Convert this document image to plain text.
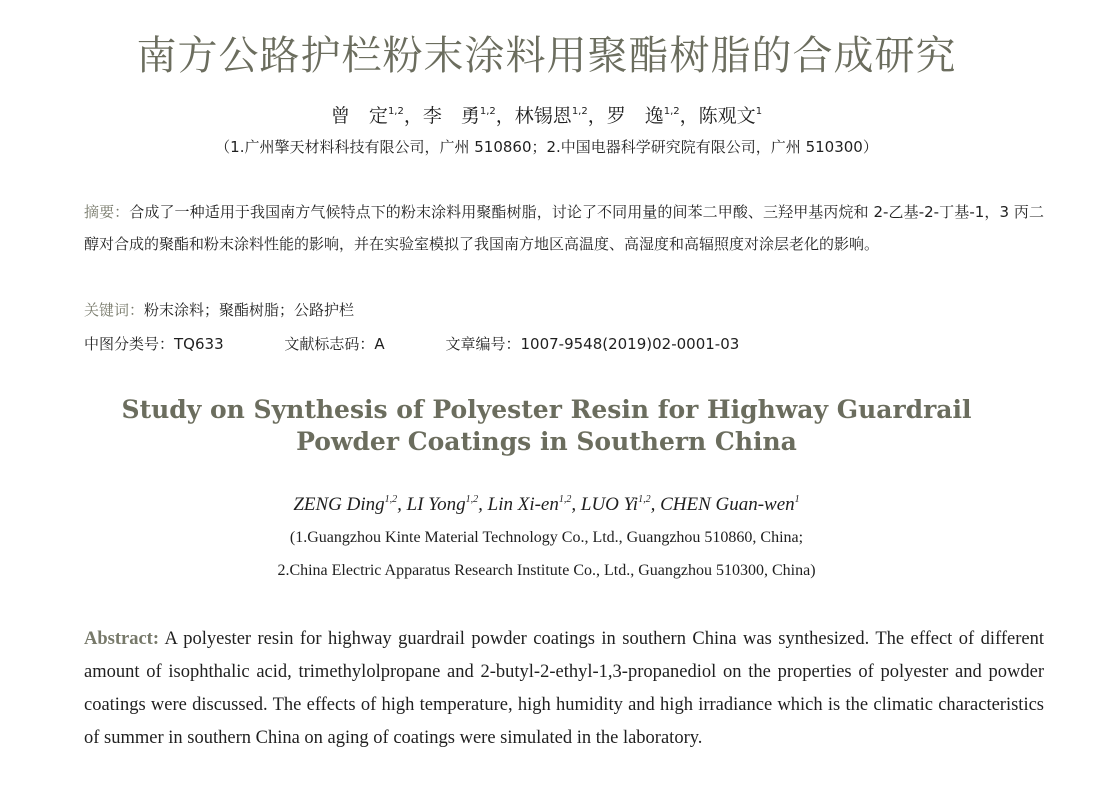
南方公路护栏粉末涂料用聚酯树脂的合成研究
曾　定$^{1,2}$，李　勇$^{1,2}$，林锡恩$^{1,2}$，罗　逸$^{1,2}$，陈观文$^1$
（1.广州擎天材料科技有限公司，广州 510860；2.中国电器科学研究院有限公司，广州 510300）
摘要：合成了一种适用于我国南方气候特点下的粉末涂料用聚酯树脂，讨论了不同用量的间苯二甲酸、三羟甲基丙烷和 2-乙基-2-丁基-1，3 丙二醇对合成的聚酯和粉末涂料性能的影响，并在实验室模拟了我国南方地区高温度、高湿度和高辐照度对涂层老化的影响。
关键词：粉末涂料；聚酯树脂；公路护栏
中图分类号：TQ633	文献标志码：A	文章编号：1007-9548(2019)02-0001-03
Study on Synthesis of Polyester Resin for Highway Guardrail Powder Coatings in Southern China
ZENG Ding$^{1,2}$, LI Yong$^{1,2}$, Lin Xi-en$^{1,2}$, LUO Yi$^{1,2}$, CHEN Guan-wen$^1$
(1.Guangzhou Kinte Material Technology Co., Ltd., Guangzhou 510860, China;
2.China Electric Apparatus Research Institute Co., Ltd., Guangzhou 510300, China)
Abstract: A polyester resin for highway guardrail powder coatings in southern China was synthesized. The effect of different amount of isophthalic acid, trimethylolpropane and 2-butyl-2-ethyl-1,3-propanediol on the properties of polyester and powder coatings were discussed. The effects of high temperature, high humidity and high irradiance which is the climatic characteristics of summer in southern China on aging of coatings were simulated in the laboratory.
